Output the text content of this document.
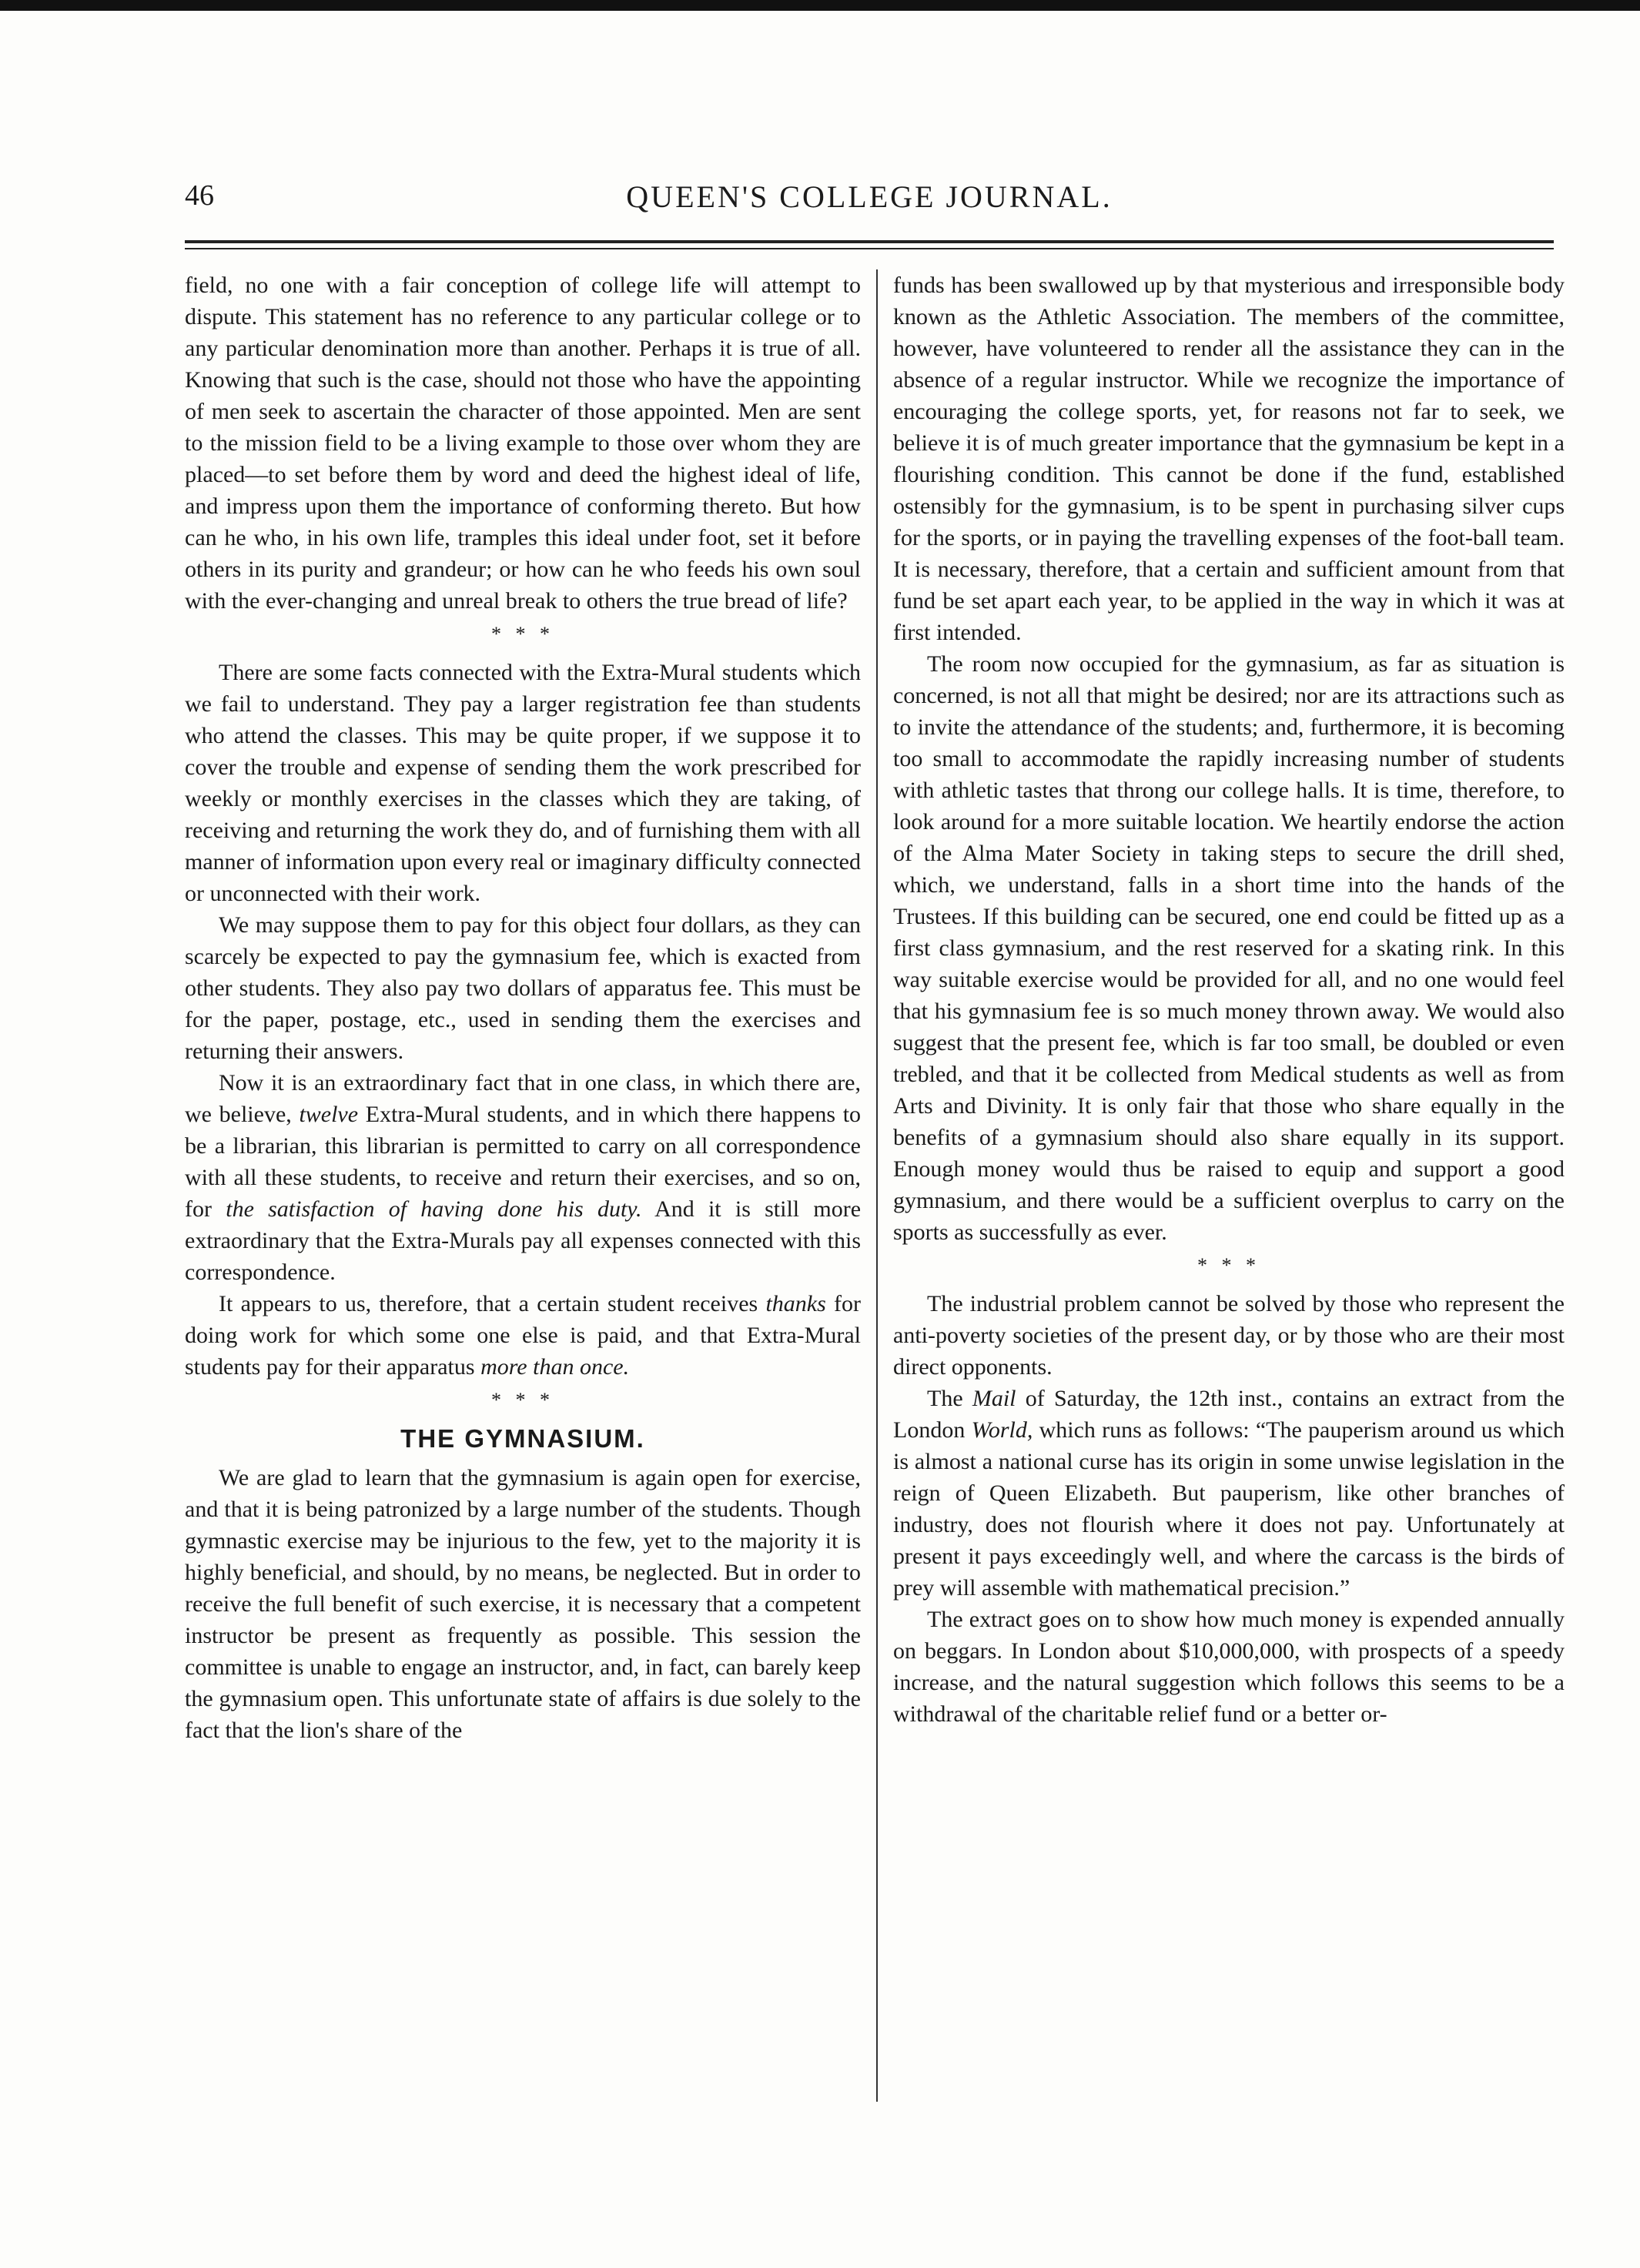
46	QUEEN'S COLLEGE JOURNAL.

field, no one with a fair conception of college life will attempt to dispute. This statement has no reference to any particular college or to any particular denomination more than another. Perhaps it is true of all. Knowing that such is the case, should not those who have the appointing of men seek to ascertain the character of those appointed. Men are sent to the mission field to be a living example to those over whom they are placed—to set before them by word and deed the highest ideal of life, and impress upon them the importance of conforming thereto. But how can he who, in his own life, tramples this ideal under foot, set it before others in its purity and grandeur; or how can he who feeds his own soul with the ever-changing and unreal break to others the true bread of life?

* * *

There are some facts connected with the Extra-Mural students which we fail to understand. They pay a larger registration fee than students who attend the classes. This may be quite proper, if we suppose it to cover the trouble and expense of sending them the work prescribed for weekly or monthly exercises in the classes which they are taking, of receiving and returning the work they do, and of furnishing them with all manner of information upon every real or imaginary difficulty connected or unconnected with their work.

We may suppose them to pay for this object four dollars, as they can scarcely be expected to pay the gymnasium fee, which is exacted from other students. They also pay two dollars of apparatus fee. This must be for the paper, postage, etc., used in sending them the exercises and returning their answers.

Now it is an extraordinary fact that in one class, in which there are, we believe, twelve Extra-Mural students, and in which there happens to be a librarian, this librarian is permitted to carry on all correspondence with all these students, to receive and return their exercises, and so on, for the satisfaction of having done his duty. And it is still more extraordinary that the Extra-Murals pay all expenses connected with this correspondence.

It appears to us, therefore, that a certain student receives thanks for doing work for which some one else is paid, and that Extra-Mural students pay for their apparatus more than once.

* * *
THE GYMNASIUM.

We are glad to learn that the gymnasium is again open for exercise, and that it is being patronized by a large number of the students. Though gymnastic exercise may be injurious to the few, yet to the majority it is highly beneficial, and should, by no means, be neglected. But in order to receive the full benefit of such exercise, it is necessary that a competent instructor be present as frequently as possible. This session the committee is unable to engage an instructor, and, in fact, can barely keep the gymnasium open. This unfortunate state of affairs is due solely to the fact that the lion's share of the

funds has been swallowed up by that mysterious and irresponsible body known as the Athletic Association. The members of the committee, however, have volunteered to render all the assistance they can in the absence of a regular instructor. While we recognize the importance of encouraging the college sports, yet, for reasons not far to seek, we believe it is of much greater importance that the gymnasium be kept in a flourishing condition. This cannot be done if the fund, established ostensibly for the gymnasium, is to be spent in purchasing silver cups for the sports, or in paying the travelling expenses of the foot-ball team. It is necessary, therefore, that a certain and sufficient amount from that fund be set apart each year, to be applied in the way in which it was at first intended.

The room now occupied for the gymnasium, as far as situation is concerned, is not all that might be desired; nor are its attractions such as to invite the attendance of the students; and, furthermore, it is becoming too small to accommodate the rapidly increasing number of students with athletic tastes that throng our college halls. It is time, therefore, to look around for a more suitable location. We heartily endorse the action of the Alma Mater Society in taking steps to secure the drill shed, which, we understand, falls in a short time into the hands of the Trustees. If this building can be secured, one end could be fitted up as a first class gymnasium, and the rest reserved for a skating rink. In this way suitable exercise would be provided for all, and no one would feel that his gymnasium fee is so much money thrown away. We would also suggest that the present fee, which is far too small, be doubled or even trebled, and that it be collected from Medical students as well as from Arts and Divinity. It is only fair that those who share equally in the benefits of a gymnasium should also share equally in its support. Enough money would thus be raised to equip and support a good gymnasium, and there would be a sufficient overplus to carry on the sports as successfully as ever.

* * *

The industrial problem cannot be solved by those who represent the anti-poverty societies of the present day, or by those who are their most direct opponents.

The Mail of Saturday, the 12th inst., contains an extract from the London World, which runs as follows: “The pauperism around us which is almost a national curse has its origin in some unwise legislation in the reign of Queen Elizabeth. But pauperism, like other branches of industry, does not flourish where it does not pay. Unfortunately at present it pays exceedingly well, and where the carcass is the birds of prey will assemble with mathematical precision.”

The extract goes on to show how much money is expended annually on beggars. In London about $10,000,000, with prospects of a speedy increase, and the natural suggestion which follows this seems to be a withdrawal of the charitable relief fund or a better or-
